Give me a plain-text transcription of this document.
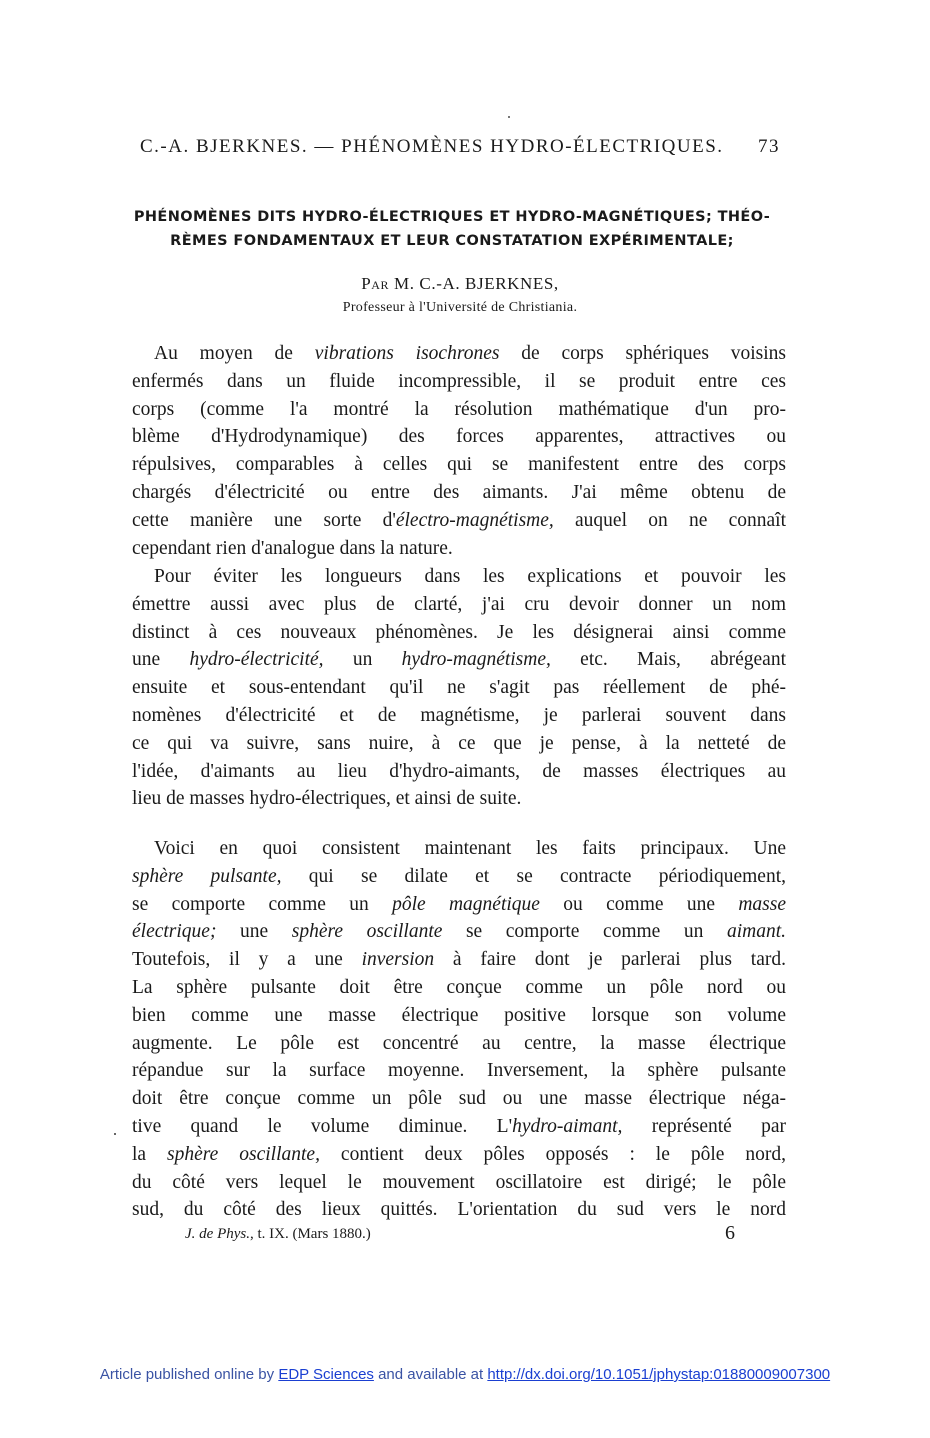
C.-A. BJERKNES. — PHÉNOMÈNES HYDRO-ÉLECTRIQUES. 73
PHÉNOMÈNES DITS HYDRO-ÉLECTRIQUES ET HYDRO-MAGNÉTIQUES; THÉO-
RÈMES FONDAMENTAUX ET LEUR CONSTATATION EXPÉRIMENTALE;
Par M. C.-A. BJERKNES,
Professeur à l'Université de Christiania.
Au moyen de vibrations isochrones de corps sphériques voisins
enfermés dans un fluide incompressible, il se produit entre ces
corps (comme l'a montré la résolution mathématique d'un pro-
blème d'Hydrodynamique) des forces apparentes, attractives ou
répulsives, comparables à celles qui se manifestent entre des corps
chargés d'électricité ou entre des aimants. J'ai même obtenu de
cette manière une sorte d'électro-magnétisme, auquel on ne connaît
cependant rien d'analogue dans la nature.
Pour éviter les longueurs dans les explications et pouvoir les
émettre aussi avec plus de clarté, j'ai cru devoir donner un nom
distinct à ces nouveaux phénomènes. Je les désignerai ainsi comme
une hydro-électricité, un hydro-magnétisme, etc. Mais, abrégeant
ensuite et sous-entendant qu'il ne s'agit pas réellement de phé-
nomènes d'électricité et de magnétisme, je parlerai souvent dans
ce qui va suivre, sans nuire, à ce que je pense, à la netteté de
l'idée, d'aimants au lieu d'hydro-aimants, de masses électriques au
lieu de masses hydro-électriques, et ainsi de suite.
Voici en quoi consistent maintenant les faits principaux. Une
sphère pulsante, qui se dilate et se contracte périodiquement,
se comporte comme un pôle magnétique ou comme une masse
électrique; une sphère oscillante se comporte comme un aimant.
Toutefois, il y a une inversion à faire dont je parlerai plus tard.
La sphère pulsante doit être conçue comme un pôle nord ou
bien comme une masse électrique positive lorsque son volume
augmente. Le pôle est concentré au centre, la masse électrique
répandue sur la surface moyenne. Inversement, la sphère pulsante
doit être conçue comme un pôle sud ou une masse électrique néga-
tive quand le volume diminue. L'hydro-aimant, représenté par
la sphère oscillante, contient deux pôles opposés : le pôle nord,
du côté vers lequel le mouvement oscillatoire est dirigé; le pôle
sud, du côté des lieux quittés. L'orientation du sud vers le nord
J. de Phys., t. IX. (Mars 1880.)	6
Article published online by EDP Sciences and available at http://dx.doi.org/10.1051/jphystap:01880009007300
